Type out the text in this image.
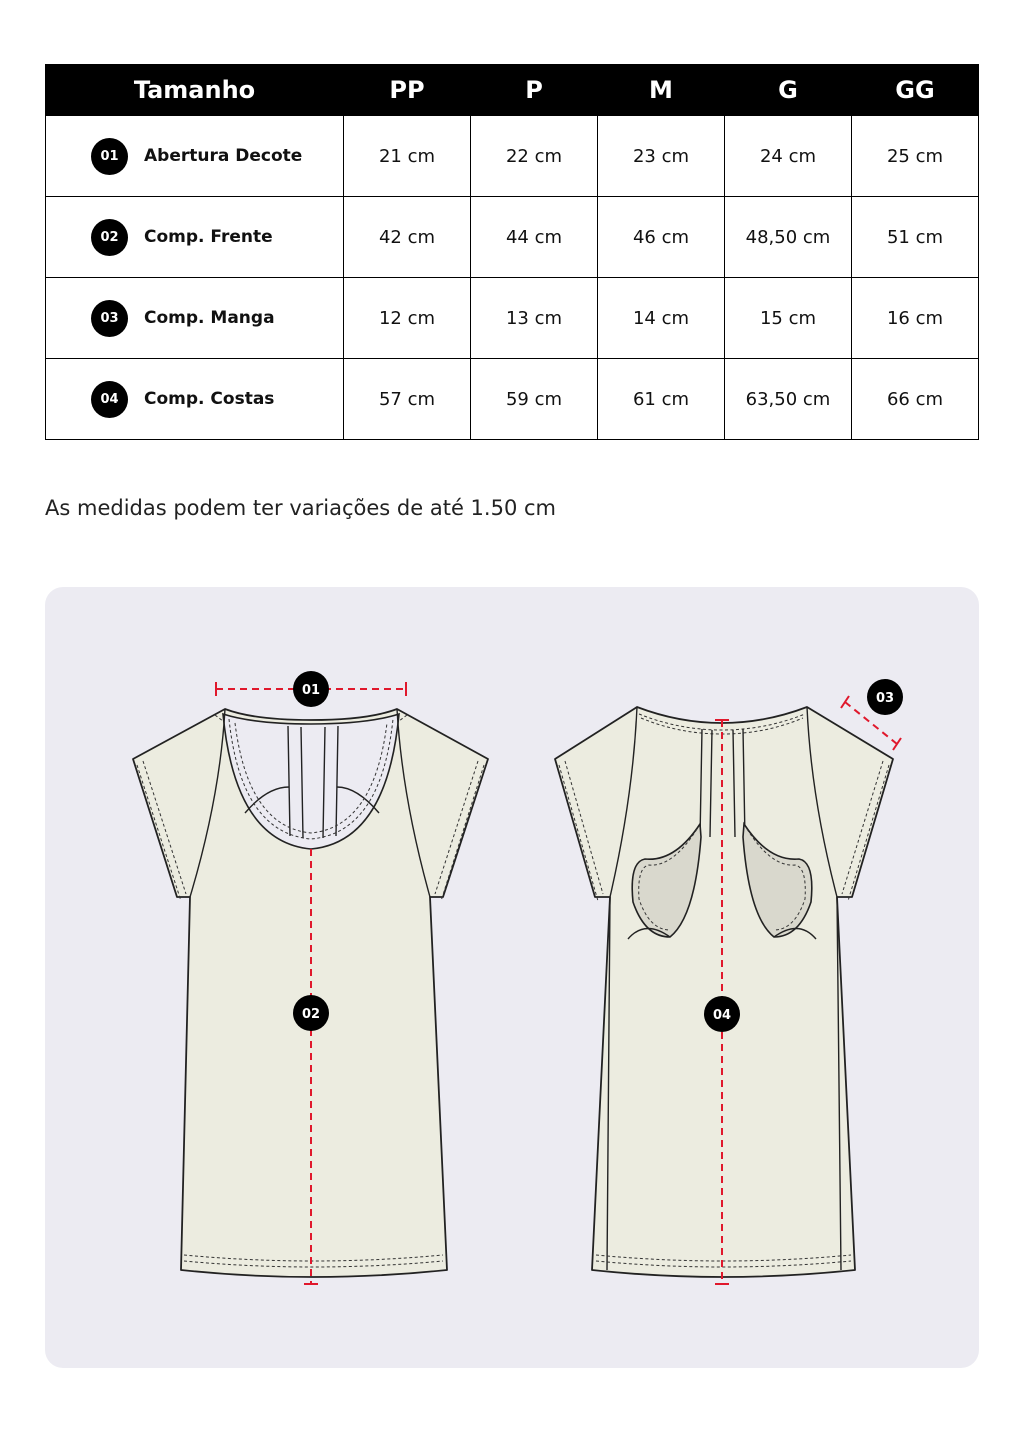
Tamanho	PP	P	M	G	GG

01 Abertura Decote	21 cm	22 cm	23 cm	24 cm	25 cm

02 Comp. Frente	42 cm	44 cm	46 cm	48,50 cm	51 cm

03 Comp. Manga	12 cm	13 cm	14 cm	15 cm	16 cm

04 Comp. Costas	57 cm	59 cm	61 cm	63,50 cm	66 cm

As medidas podem ter variações de até 1.50 cm

01
02
03
04
